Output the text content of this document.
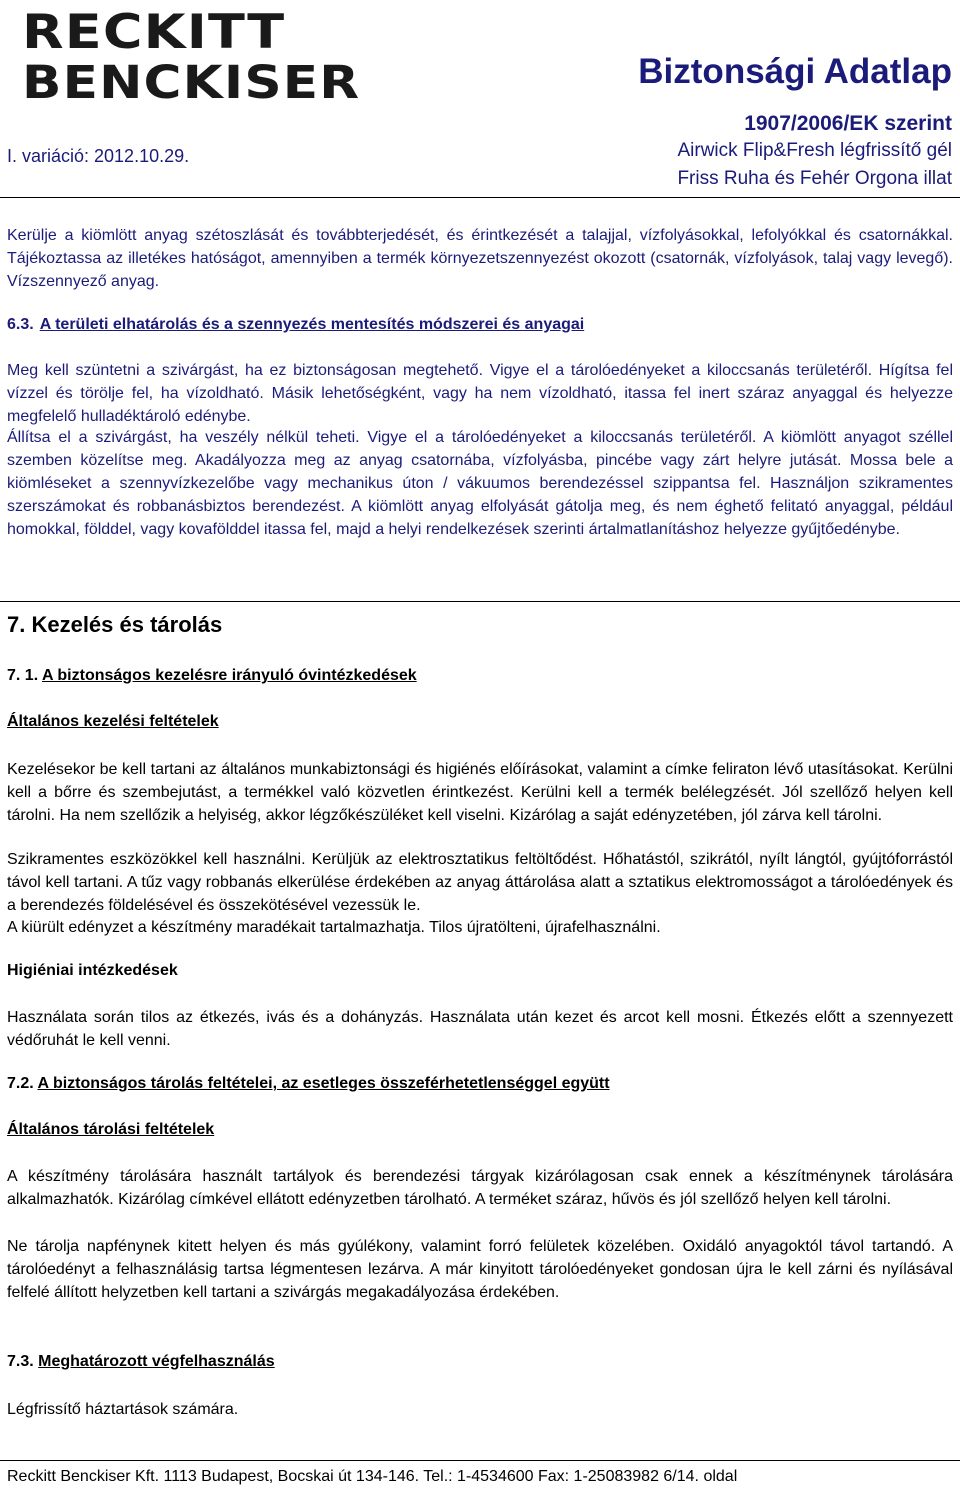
RECKITT
BENCKISER
I. variáció: 2012.10.29.
Biztonsági Adatlap
1907/2006/EK szerint
Airwick Flip&Fresh légfrissítő gél
Friss Ruha és Fehér Orgona illat
Kerülje a kiömlött anyag szétoszlását és továbbterjedését, és érintkezését a talajjal, vízfolyásokkal, lefolyókkal és csatornákkal. Tájékoztassa az illetékes hatóságot, amennyiben a termék környezetszennyezést okozott (csatornák, vízfolyások, talaj vagy levegő). Vízszennyező anyag.
6.3. A területi elhatárolás és a szennyezés mentesítés módszerei és anyagai
Meg kell szüntetni a szivárgást, ha ez biztonságosan megtehető. Vigye el a tárolóedényeket a kiloccsanás területéről. Hígítsa fel vízzel és törölje fel, ha vízoldható. Másik lehetőségként, vagy ha nem vízoldható, itassa fel inert száraz anyaggal és helyezze megfelelő hulladéktároló edénybe.
Állítsa el a szivárgást, ha veszély nélkül teheti. Vigye el a tárolóedényeket a kiloccsanás területéről. A kiömlött anyagot széllel szemben közelítse meg. Akadályozza meg az anyag csatornába, vízfolyásba, pincébe vagy zárt helyre jutását. Mossa bele a kiömléseket a szennyvízkezelőbe vagy mechanikus úton / vákuumos berendezéssel szippantsa fel. Használjon szikramentes szerszámokat és robbanásbiztos berendezést. A kiömlött anyag elfolyását gátolja meg, és nem éghető felitató anyaggal, például homokkal, földdel, vagy kovafölddel itassa fel, majd a helyi rendelkezések szerinti ártalmatlanításhoz helyezze gyűjtőedénybe.
7. Kezelés és tárolás
7. 1. A biztonságos kezelésre irányuló óvintézkedések
Általános kezelési feltételek
Kezelésekor be kell tartani az általános munkabiztonsági és higiénés előírásokat, valamint a címke feliraton lévő utasításokat. Kerülni kell a bőrre és szembejutást, a termékkel való közvetlen érintkezést. Kerülni kell a termék belélegzését. Jól szellőző helyen kell tárolni. Ha nem szellőzik a helyiség, akkor légzőkészüléket kell viselni. Kizárólag a saját edényzetében, jól zárva kell tárolni.
Szikramentes eszközökkel kell használni. Kerüljük az elektrosztatikus feltöltődést. Hőhatástól, szikrától, nyílt lángtól, gyújtóforrástól távol kell tartani. A tűz vagy robbanás elkerülése érdekében az anyag áttárolása alatt a sztatikus elektromosságot a tárolóedények és a berendezés földelésével és összekötésével vezessük le.
A kiürült edényzet a készítmény maradékait tartalmazhatja. Tilos újratölteni, újrafelhasználni.
Higiéniai intézkedések
Használata során tilos az étkezés, ivás és a dohányzás. Használata után kezet és arcot kell mosni. Étkezés előtt a szennyezett védőruhát le kell venni.
7.2. A biztonságos tárolás feltételei, az esetleges összeférhetetlenséggel együtt
Általános tárolási feltételek
A készítmény tárolására használt tartályok és berendezési tárgyak kizárólagosan csak ennek a készítménynek tárolására alkalmazhatók. Kizárólag címkével ellátott edényzetben tárolható. A terméket száraz, hűvös és jól szellőző helyen kell tárolni.
Ne tárolja napfénynek kitett helyen és más gyúlékony, valamint forró felületek közelében. Oxidáló anyagoktól távol tartandó. A tárolóedényt a felhasználásig tartsa légmentesen lezárva. A már kinyitott tárolóedényeket gondosan újra le kell zárni és nyílásával felfelé állított helyzetben kell tartani a szivárgás megakadályozása érdekében.
7.3. Meghatározott végfelhasználás
Légfrissítő háztartások számára.
Reckitt Benckiser Kft. 1113 Budapest, Bocskai út 134-146. Tel.: 1-4534600 Fax: 1-25083982 6/14. oldal
